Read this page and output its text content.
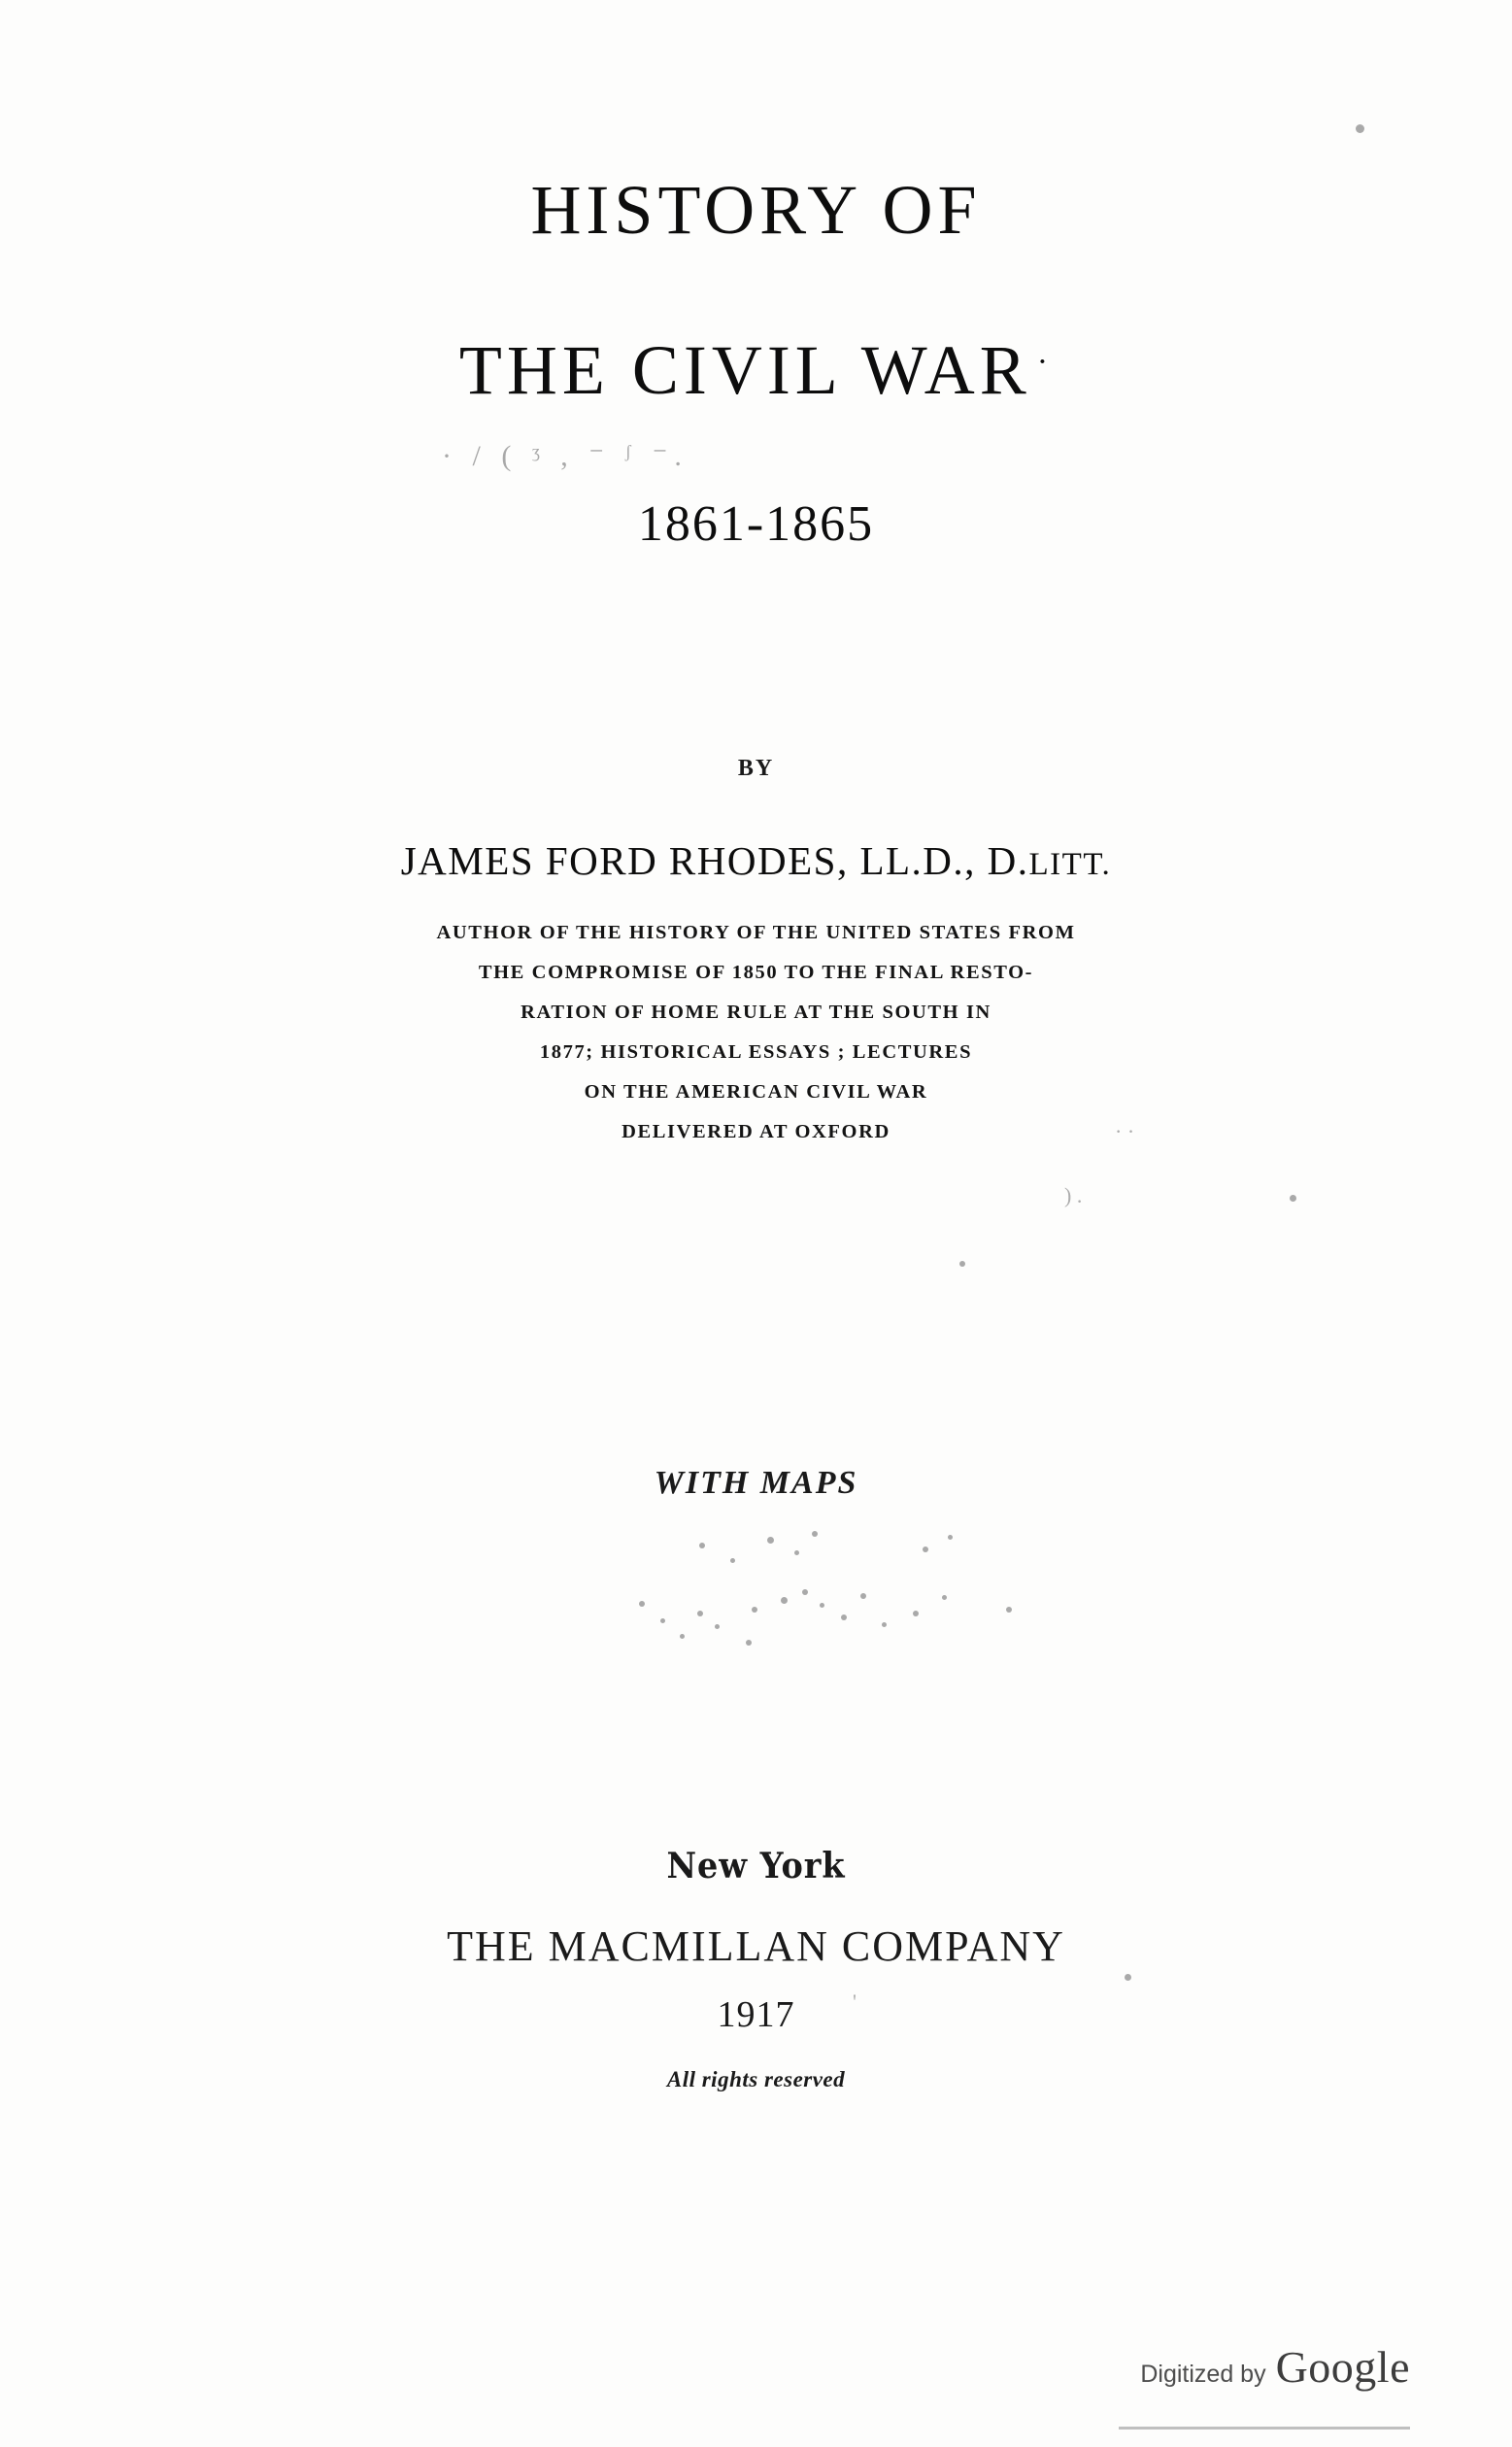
HISTORY OF
THE CIVIL WAR ·
· / ( ᶾ , ⁻ ᶴ ⁻.
1861-1865
BY
JAMES FORD RHODES, LL.D., D.LITT.
AUTHOR OF THE HISTORY OF THE UNITED STATES FROM
THE COMPROMISE OF 1850 TO THE FINAL RESTO-
RATION OF HOME RULE AT THE SOUTH IN
1877; HISTORICAL ESSAYS ; LECTURES
ON THE AMERICAN CIVIL WAR
DELIVERED AT OXFORD	· ·
) .
WITH MAPS
New York
THE MACMILLAN COMPANY
1917	'
All rights reserved
Digitized by Google
